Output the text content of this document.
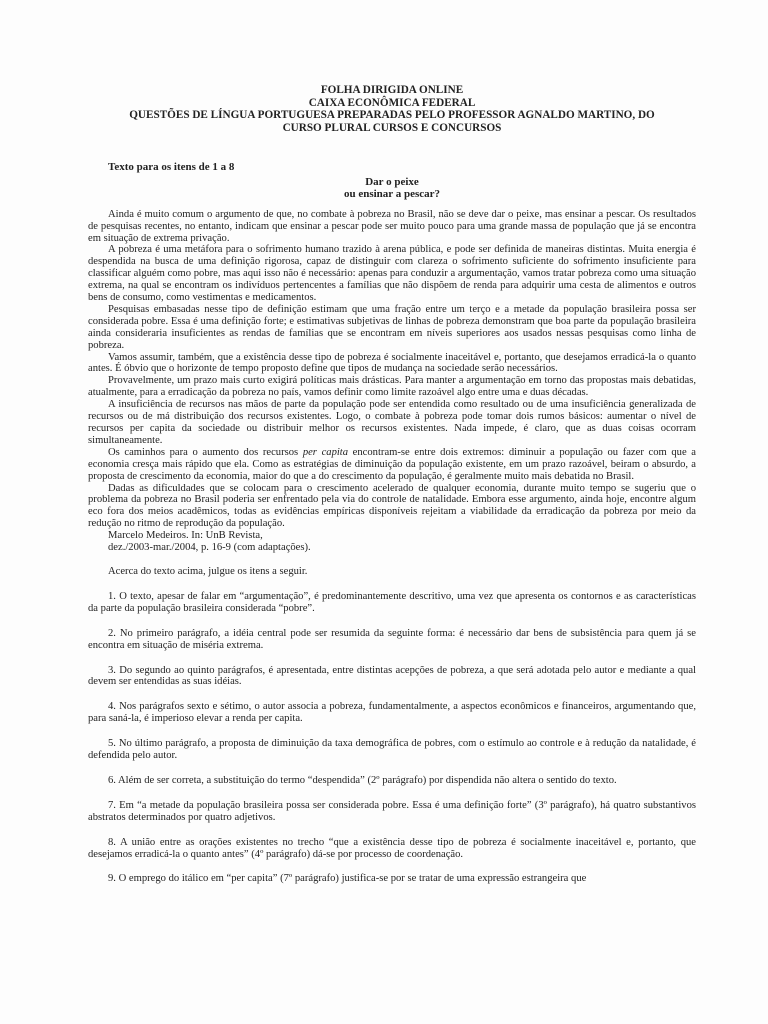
FOLHA DIRIGIDA ONLINE

CAIXA ECONÔMICA FEDERAL

QUESTÕES DE LÍNGUA PORTUGUESA PREPARADAS PELO PROFESSOR AGNALDO MARTINO, DO

CURSO PLURAL CURSOS E CONCURSOS

Texto para os itens de 1 a 8
Dar o peixe
ou ensinar a pescar?

Ainda é muito comum o argumento de que, no combate à pobreza no Brasil, não se deve dar o peixe, mas ensinar a pescar. Os resultados de pesquisas recentes, no entanto, indicam que ensinar a pescar pode ser muito pouco para uma grande massa de população que já se encontra em situação de extrema privação.

A pobreza é uma metáfora para o sofrimento humano trazido à arena pública, e pode ser definida de maneiras distintas. Muita energia é despendida na busca de uma definição rigorosa, capaz de distinguir com clareza o sofrimento suficiente do sofrimento insuficiente para classificar alguém como pobre, mas aqui isso não é necessário: apenas para conduzir a argumentação, vamos tratar pobreza como uma situação extrema, na qual se encontram os indivíduos pertencentes a famílias que não dispõem de renda para adquirir uma cesta de alimentos e outros bens de consumo, como vestimentas e medicamentos.

Pesquisas embasadas nesse tipo de definição estimam que uma fração entre um terço e a metade da população brasileira possa ser considerada pobre. Essa é uma definição forte; e estimativas subjetivas de linhas de pobreza demonstram que boa parte da população brasileira ainda consideraria insuficientes as rendas de famílias que se encontram em níveis superiores aos usados nessas pesquisas como linha de pobreza.

Vamos assumir, também, que a existência desse tipo de pobreza é socialmente inaceitável e, portanto, que desejamos erradicá-la o quanto antes. É óbvio que o horizonte de tempo proposto define que tipos de mudança na sociedade serão necessários.

Provavelmente, um prazo mais curto exigirá políticas mais drásticas. Para manter a argumentação em torno das propostas mais debatidas, atualmente, para a erradicação da pobreza no país, vamos definir como limite razoável algo entre uma e duas décadas.

A insuficiência de recursos nas mãos de parte da população pode ser entendida como resultado ou de uma insuficiência generalizada de recursos ou de má distribuição dos recursos existentes. Logo, o combate à pobreza pode tomar dois rumos básicos: aumentar o nível de recursos per capita da sociedade ou distribuir melhor os recursos existentes. Nada impede, é claro, que as duas coisas ocorram simultaneamente.

Os caminhos para o aumento dos recursos per capita encontram-se entre dois extremos: diminuir a população ou fazer com que a economia cresça mais rápido que ela. Como as estratégias de diminuição da população existente, em um prazo razoável, beiram o absurdo, a proposta de crescimento da economia, maior do que a do crescimento da população, é geralmente muito mais debatida no Brasil.

Dadas as dificuldades que se colocam para o crescimento acelerado de qualquer economia, durante muito tempo se sugeriu que o problema da pobreza no Brasil poderia ser enfrentado pela via do controle de natalidade. Embora esse argumento, ainda hoje, encontre algum eco fora dos meios acadêmicos, todas as evidências empíricas disponíveis rejeitam a viabilidade da erradicação da pobreza por meio da redução no ritmo de reprodução da população.

Marcelo Medeiros. In: UnB Revista,

dez./2003-mar./2004, p. 16-9 (com adaptações).

Acerca do texto acima, julgue os itens a seguir.

1. O texto, apesar de falar em “argumentação”, é predominantemente descritivo, uma vez que apresenta os contornos e as características da parte da população brasileira considerada “pobre”.

2. No primeiro parágrafo, a idéia central pode ser resumida da seguinte forma: é necessário dar bens de subsistência para quem já se encontra em situação de miséria extrema.

3. Do segundo ao quinto parágrafos, é apresentada, entre distintas acepções de pobreza, a que será adotada pelo autor e mediante a qual devem ser entendidas as suas idéias.

4. Nos parágrafos sexto e sétimo, o autor associa a pobreza, fundamentalmente, a aspectos econômicos e financeiros, argumentando que, para saná-la, é imperioso elevar a renda per capita.

5. No último parágrafo, a proposta de diminuição da taxa demográfica de pobres, com o estímulo ao controle e à redução da natalidade, é defendida pelo autor.

6. Além de ser correta, a substituição do termo “despendida” (2º parágrafo) por dispendida não altera o sentido do texto.

7. Em “a metade da população brasileira possa ser considerada pobre. Essa é uma definição forte” (3º parágrafo), há quatro substantivos abstratos determinados por quatro adjetivos.

8. A união entre as orações existentes no trecho “que a existência desse tipo de pobreza é socialmente inaceitável e, portanto, que desejamos erradicá-la o quanto antes” (4º parágrafo) dá-se por processo de coordenação.

9. O emprego do itálico em “per capita” (7º parágrafo) justifica-se por se tratar de uma expressão estrangeira que
